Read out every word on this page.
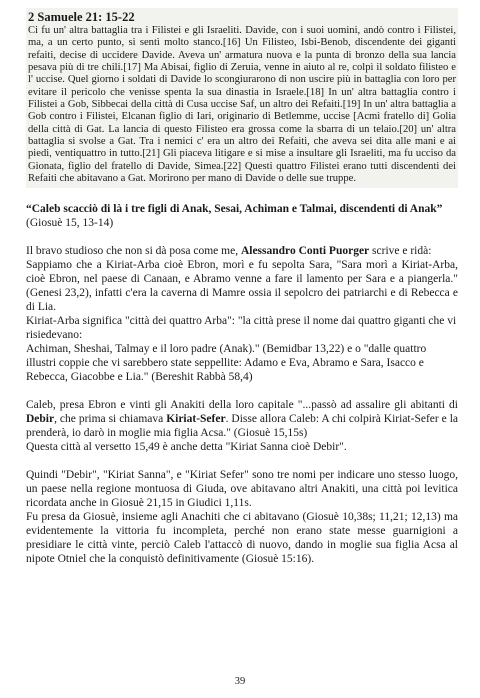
2 Samuele 21: 15-22
Ci fu un' altra battaglia tra i Filistei e gli Israeliti. Davide, con i suoi uomini, andò contro i Filistei, ma, a un certo punto, si sentì molto stanco.[16] Un Filisteo, Isbi-Benob, discendente dei giganti refaiti, decise di uccidere Davide. Aveva un' armatura nuova e la punta di bronzo della sua lancia pesava più di tre chili.[17] Ma Abisai, figlio di Zeruia, venne in aiuto al re, colpì il soldato filisteo e l' uccise. Quel giorno i soldati di Davide lo scongiurarono di non uscire più in battaglia con loro per evitare il pericolo che venisse spenta la sua dinastia in Israele.[18] In un' altra battaglia contro i Filistei a Gob, Sibbecai della città di Cusa uccise Saf, un altro dei Refaiti.[19] In un' altra battaglia a Gob contro i Filistei, Elcanan figlio di Iari, originario di Betlemme, uccise [Acmì fratello di] Golia della città di Gat. La lancia di questo Filisteo era grossa come la sbarra di un telaio.[20] un' altra battaglia si svolse a Gat. Tra i nemici c' era un altro dei Refaiti, che aveva sei dita alle mani e ai piedi, ventiquattro in tutto.[21] Gli piaceva litigare e si mise a insultare gli Israeliti, ma fu ucciso da Gionata, figlio del fratello di Davide, Simea.[22] Questi quattro Filistei erano tutti discendenti dei Refaiti che abitavano a Gat. Morirono per mano di Davide o delle sue truppe.
“Caleb scacciò di là i tre figli di Anak, Sesai, Achiman e Talmai, discendenti di Anak” (Giosuè 15, 13-14)

Il bravo studioso che non si dà posa come me, Alessandro Conti Puorger scrive e ridà:

Sappiamo che a Kiriat-Arba cioè Ebron, morì e fu sepolta Sara, "Sara morì a Kiriat-Arba, cioè Ebron, nel paese di Canaan, e Abramo venne a fare il lamento per Sara e a piangerla." (Genesi 23,2), infatti c'era la caverna di Mamre ossia il sepolcro dei patriarchi e di Rebecca e di Lia.

Kiriat-Arba significa "città dei quattro Arba": "la città prese il nome dai quattro giganti che vi risiedevano:

Achiman, Sheshai, Talmay e il loro padre (Anak)." (Bemidbar 13,22) e o "dalle quattro illustri coppie che vi sarebbero state seppellite: Adamo e Eva, Abramo e Sara, Isacco e Rebecca, Giacobbe e Lia." (Bereshit Rabbà 58,4)

Caleb, presa Ebron e vinti gli Anakiti della loro capitale "...passò ad assalire gli abitanti di Debir, che prima si chiamava Kiriat-Sefer. Disse allora Caleb: A chi colpirà Kiriat-Sefer e la prenderà, io darò in moglie mia figlia Acsa." (Giosuè 15,15s)

Questa città al versetto 15,49 è anche detta "Kiriat Sanna cioè Debir".

Quindi "Debir", "Kiriat Sanna", e "Kiriat Sefer" sono tre nomi per indicare uno stesso luogo, un paese nella regione montuosa di Giuda, ove abitavano altri Anakiti, una città poi levitica ricordata anche in Giosuè 21,15 in Giudici 1,11s.

Fu presa da Giosuè, insieme agli Anachiti che ci abitavano (Giosuè 10,38s; 11,21; 12,13) ma evidentemente la vittoria fu incompleta, perché non erano state messe guarnigioni a presidiare le città vinte, perciò Caleb l'attaccò di nuovo, dando in moglie sua figlia Acsa al nipote Otniel che la conquistò definitivamente (Giosuè 15:16).

39
